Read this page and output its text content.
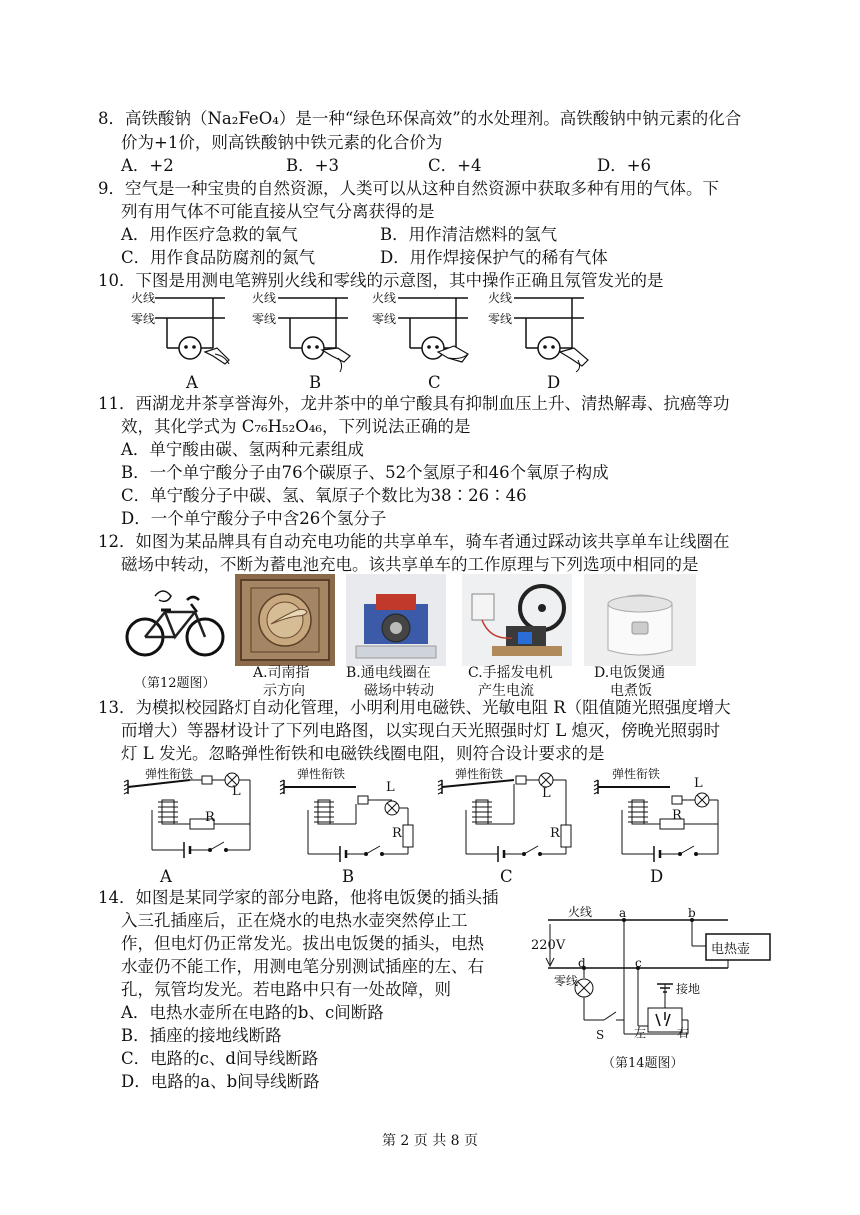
8．高铁酸钠（Na₂FeO₄）是一种“绿色环保高效”的水处理剂。高铁酸钠中钠元素的化合
价为+1价，则高铁酸钠中铁元素的化合价为
A．+2	B．+3	C．+4	D．+6
9．空气是一种宝贵的自然资源，人类可以从这种自然资源中获取多种有用的气体。下
列有用气体不可能直接从空气分离获得的是
A．用作医疗急救的氧气	B．用作清洁燃料的氢气
C．用作食品防腐剂的氮气	D．用作焊接保护气的稀有气体
10．下图是用测电笔辨别火线和零线的示意图，其中操作正确且氖管发光的是
火线
零线
A
火线
零线
B
火线
零线
C
火线
零线
D
11．西湖龙井茶享誉海外，龙井茶中的单宁酸具有抑制血压上升、清热解毒、抗癌等功
效，其化学式为 C₇₆H₅₂O₄₆，下列说法正确的是
A．单宁酸由碳、氢两种元素组成
B．一个单宁酸分子由76个碳原子、52个氢原子和46个氧原子构成
C．单宁酸分子中碳、氢、氧原子个数比为38∶26∶46
D．一个单宁酸分子中含26个氢分子
12．如图为某品牌具有自动充电功能的共享单车，骑车者通过踩动该共享单车让线圈在
磁场中转动，不断为蓄电池充电。该共享单车的工作原理与下列选项中相同的是
（第12题图）
A.司南指
示方向
B.通电线圈在
磁场中转动
C.手摇发电机
产生电流
D.电饭煲通
电煮饭
13．为模拟校园路灯自动化管理，小明利用电磁铁、光敏电阻 R（阻值随光照强度增大
而增大）等器材设计了下列电路图，以实现白天光照强时灯 L 熄灭，傍晚光照弱时
灯 L 发光。忽略弹性衔铁和电磁铁线圈电阻，则符合设计要求的是
弹性衔铁
L
R
A
弹性衔铁
L
R
B
弹性衔铁
L
R
C
弹性衔铁
L
R
D
14．如图是某同学家的部分电路，他将电饭煲的插头插
入三孔插座后，正在烧水的电热水壶突然停止工
作，但电灯仍正常发光。拔出电饭煲的插头，电热
水壶仍不能工作，用测电笔分别测试插座的左、右
孔，氖管均发光。若电路中只有一处故障，则
A．电热水壶所在电路的b、c间断路
B．插座的接地线断路
C．电路的c、d间导线断路
D．电路的a、b间导线断路
火线
220V
零线
a	b
c
d
S
电热壶
接地
左	右
（第14题图）
第 2 页 共 8 页
